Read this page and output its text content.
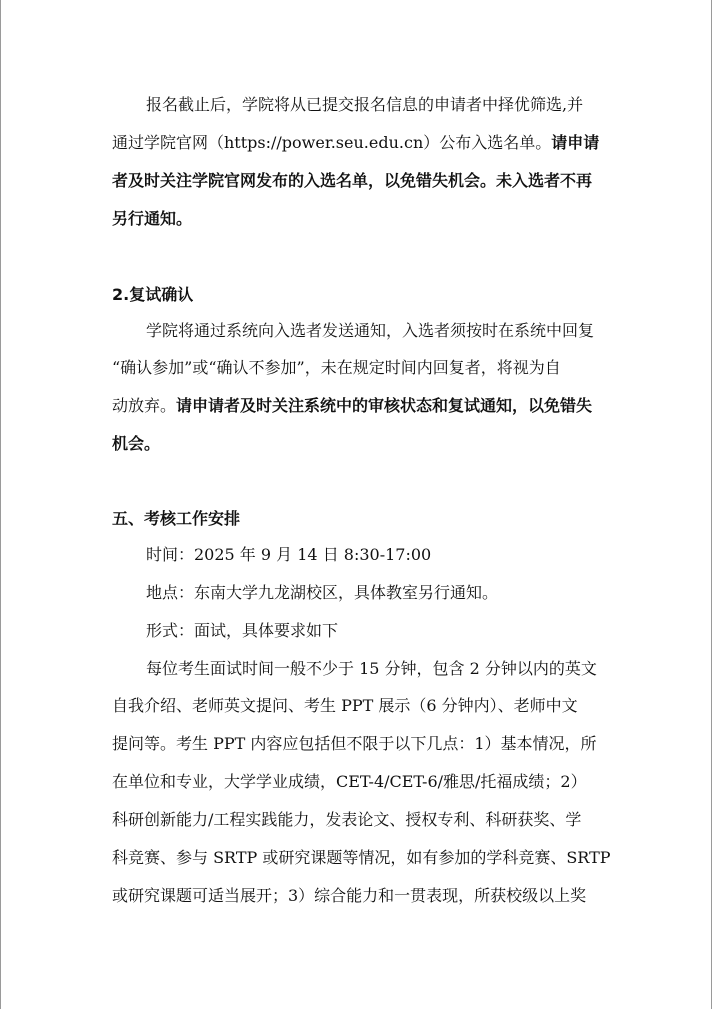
报名截止后，学院将从已提交报名信息的申请者中择优筛选,并
通过学院官网（https://power.seu.edu.cn）公布入选名单。请申请
者及时关注学院官网发布的入选名单，以免错失机会。未入选者不再
另行通知。
2.复试确认
学院将通过系统向入选者发送通知，入选者须按时在系统中回复
“确认参加”或“确认不参加”，未在规定时间内回复者，将视为自
动放弃。请申请者及时关注系统中的审核状态和复试通知，以免错失
机会。
五、考核工作安排
时间：2025 年 9 月 14 日 8:30-17:00
地点：东南大学九龙湖校区，具体教室另行通知。
形式：面试，具体要求如下
每位考生面试时间一般不少于 15 分钟，包含 2 分钟以内的英文
自我介绍、老师英文提问、考生 PPT 展示（6 分钟内）、老师中文
提问等。考生 PPT 内容应包括但不限于以下几点：1）基本情况，所
在单位和专业，大学学业成绩，CET-4/CET-6/雅思/托福成绩；2）
科研创新能力/工程实践能力，发表论文、授权专利、科研获奖、学
科竞赛、参与 SRTP 或研究课题等情况，如有参加的学科竞赛、SRTP
或研究课题可适当展开；3）综合能力和一贯表现，所获校级以上奖
